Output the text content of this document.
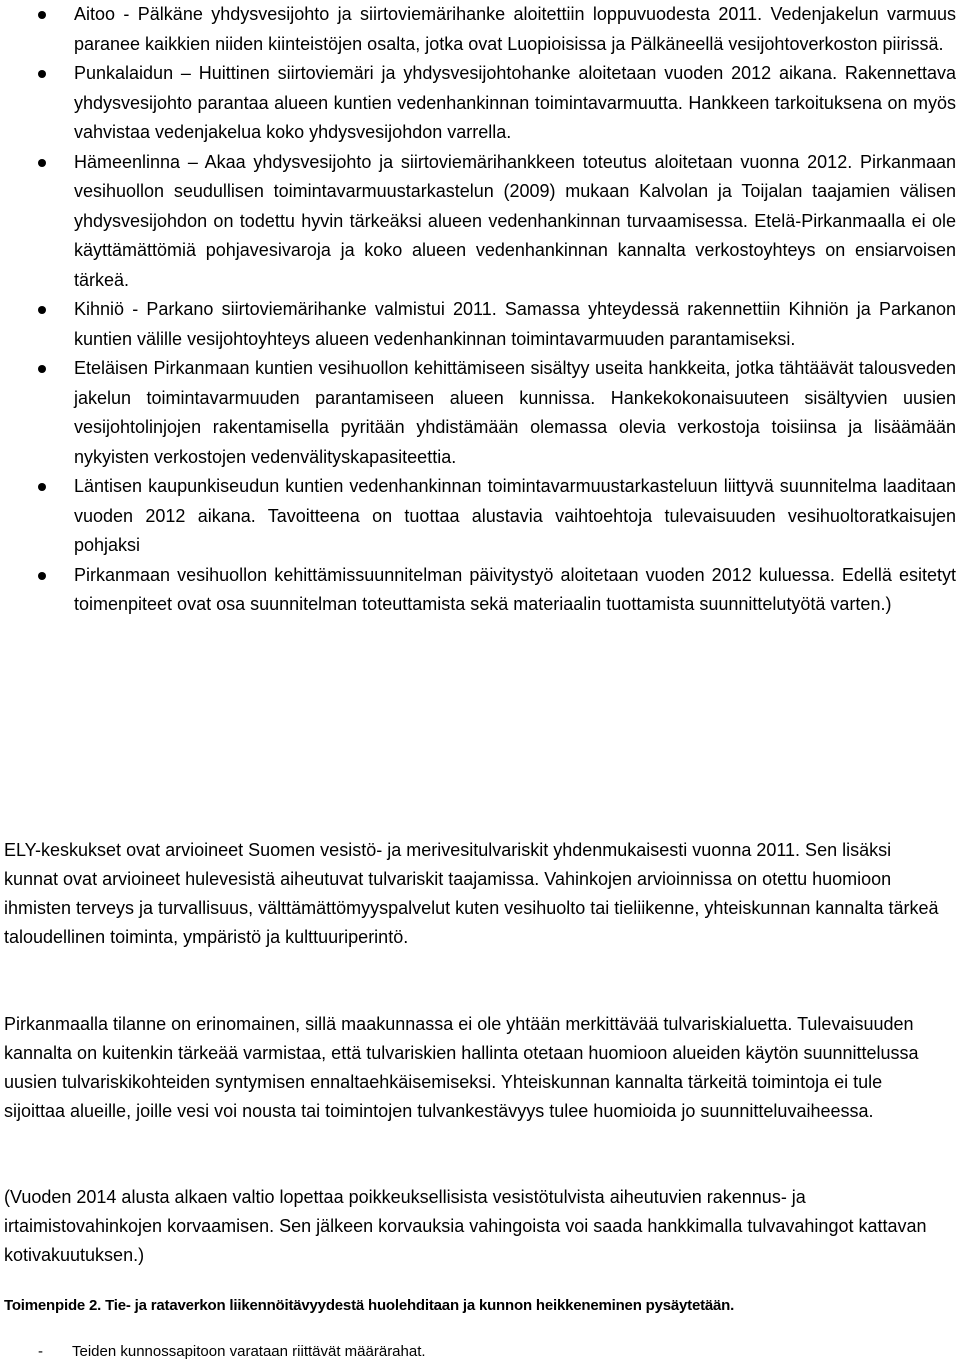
Aitoo - Pälkäne yhdysvesijohto ja siirtoviemärihanke aloitettiin loppuvuodesta 2011. Vedenjakelun varmuus paranee kaikkien niiden kiinteistöjen osalta, jotka ovat Luopioisissa ja Pälkäneellä vesijohtoverkoston piirissä.
Punkalaidun – Huittinen siirtoviemäri ja yhdysvesijohtohanke aloitetaan vuoden 2012 aikana. Rakennettava yhdysvesijohto parantaa alueen kuntien vedenhankinnan toimintavarmuutta. Hankkeen tarkoituksena on myös vahvistaa vedenjakelua koko yhdysvesijohdon varrella.
Hämeenlinna – Akaa yhdysvesijohto ja siirtoviemärihankkeen toteutus aloitetaan vuonna 2012. Pirkanmaan vesihuollon seudullisen toimintavarmuustarkastelun (2009) mukaan Kalvolan ja Toijalan taajamien välisen yhdysvesijohdon on todettu hyvin tärkeäksi alueen vedenhankinnan turvaamisessa. Etelä-Pirkanmaalla ei ole käyttämättömiä pohjavesivaroja ja koko alueen vedenhankinnan kannalta verkostoyhteys on ensiarvoisen tärkeä.
Kihniö - Parkano siirtoviemärihanke valmistui 2011. Samassa yhteydessä rakennettiin Kihniön ja Parkanon kuntien välille vesijohtoyhteys alueen vedenhankinnan toimintavarmuuden parantamiseksi.
Eteläisen Pirkanmaan kuntien vesihuollon kehittämiseen sisältyy useita hankkeita, jotka tähtäävät talousveden jakelun toimintavarmuuden parantamiseen alueen kunnissa. Hankekokonaisuuteen sisältyvien uusien vesijohtolinjojen rakentamisella pyritään yhdistämään olemassa olevia verkostoja toisiinsa ja lisäämään nykyisten verkostojen vedenvälityskapasiteettia.
Läntisen kaupunkiseudun kuntien vedenhankinnan toimintavarmuustarkasteluun liittyvä suunnitelma laaditaan vuoden 2012 aikana. Tavoitteena on tuottaa alustavia vaihtoehtoja tulevaisuuden vesihuoltoratkaisujen pohjaksi
Pirkanmaan vesihuollon kehittämissuunnitelman päivitystyö aloitetaan vuoden 2012 kuluessa. Edellä esitetyt toimenpiteet ovat osa suunnitelman toteuttamista sekä materiaalin tuottamista suunnittelutyötä varten.)

ELY-keskukset ovat arvioineet Suomen vesistö- ja merivesitulvariskit yhdenmukaisesti vuonna 2011. Sen lisäksi kunnat ovat arvioineet hulevesistä aiheutuvat tulvariskit taajamissa. Vahinkojen arvioinnissa on otettu huomioon ihmisten terveys ja turvallisuus, välttämättömyyspalvelut kuten vesihuolto tai tieliikenne, yhteiskunnan kannalta tärkeä taloudellinen toiminta, ympäristö ja kulttuuriperintö.

Pirkanmaalla tilanne on erinomainen, sillä maakunnassa ei ole yhtään merkittävää tulvariskialuetta. Tulevaisuuden kannalta on kuitenkin tärkeää varmistaa, että tulvariskien hallinta otetaan huomioon alueiden käytön suunnittelussa uusien tulvariskikohteiden syntymisen ennaltaehkäisemiseksi. Yhteiskunnan kannalta tärkeitä toimintoja ei tule sijoittaa alueille, joille vesi voi nousta tai toimintojen tulvankestävyys tulee huomioida jo suunnitteluvaiheessa.

(Vuoden 2014 alusta alkaen valtio lopettaa poikkeuksellisista vesistötulvista aiheutuvien rakennus- ja irtaimistovahinkojen korvaamisen. Sen jälkeen korvauksia vahingoista voi saada hankkimalla tulvavahingot kattavan kotivakuutuksen.)

Toimenpide 2. Tie- ja rataverkon liikennöitävyydestä huolehditaan ja kunnon heikkeneminen pysäytetään.
- Teiden kunnossapitoon varataan riittävät määrärahat.
